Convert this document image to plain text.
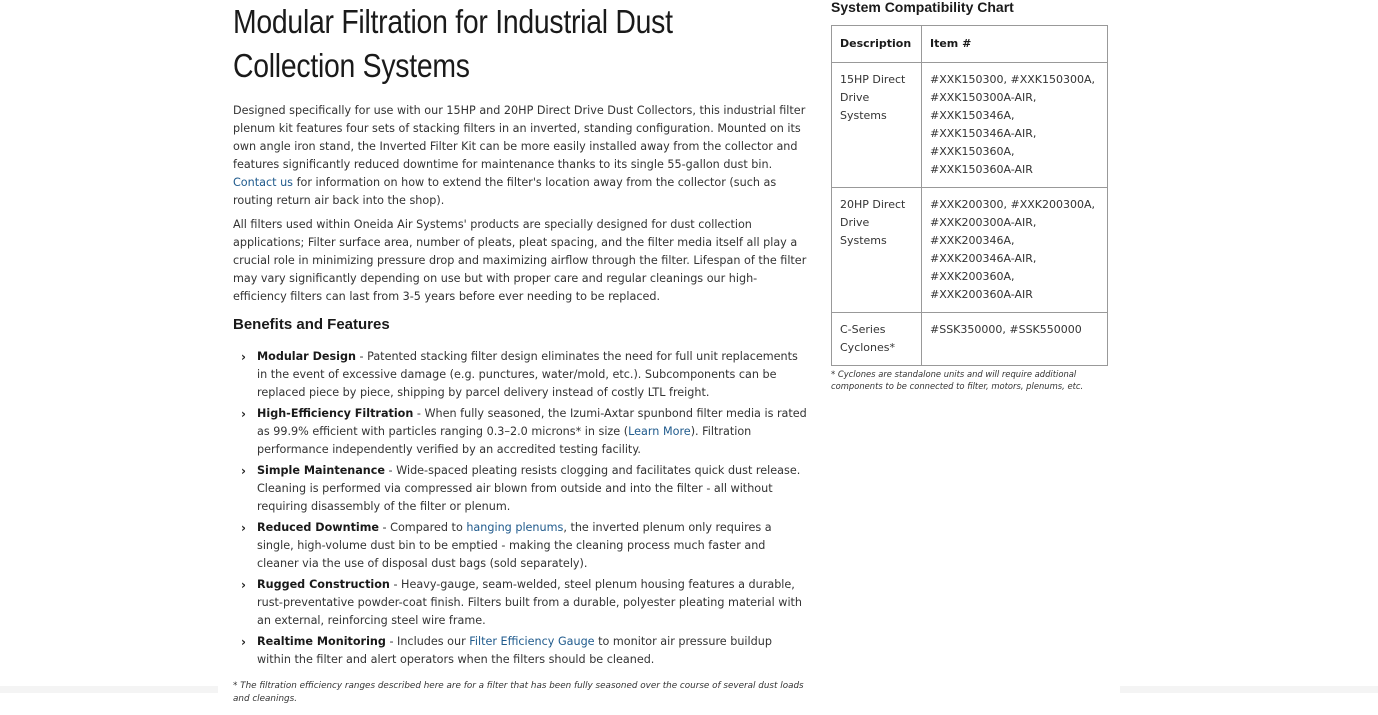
Modular Filtration for Industrial Dust Collection Systems

Designed specifically for use with our 15HP and 20HP Direct Drive Dust Collectors, this industrial filter plenum kit features four sets of stacking filters in an inverted, standing configuration. Mounted on its own angle iron stand, the Inverted Filter Kit can be more easily installed away from the collector and features significantly reduced downtime for maintenance thanks to its single 55-gallon dust bin. Contact us for information on how to extend the filter's location away from the collector (such as routing return air back into the shop).

All filters used within Oneida Air Systems' products are specially designed for dust collection applications; Filter surface area, number of pleats, pleat spacing, and the filter media itself all play a crucial role in minimizing pressure drop and maximizing airflow through the filter. Lifespan of the filter may vary significantly depending on use but with proper care and regular cleanings our high-efficiency filters can last from 3-5 years before ever needing to be replaced.

Benefits and Features
› Modular Design - Patented stacking filter design eliminates the need for full unit replacements in the event of excessive damage (e.g. punctures, water/mold, etc.). Subcomponents can be replaced piece by piece, shipping by parcel delivery instead of costly LTL freight.
› High-Efficiency Filtration - When fully seasoned, the Izumi-Axtar spunbond filter media is rated as 99.9% efficient with particles ranging 0.3–2.0 microns* in size (Learn More). Filtration performance independently verified by an accredited testing facility.
› Simple Maintenance - Wide-spaced pleating resists clogging and facilitates quick dust release. Cleaning is performed via compressed air blown from outside and into the filter - all without requiring disassembly of the filter or plenum.
› Reduced Downtime - Compared to hanging plenums, the inverted plenum only requires a single, high-volume dust bin to be emptied - making the cleaning process much faster and cleaner via the use of disposal dust bags (sold separately).
› Rugged Construction - Heavy-gauge, seam-welded, steel plenum housing features a durable, rust-preventative powder-coat finish. Filters built from a durable, polyester pleating material with an external, reinforcing steel wire frame.
› Realtime Monitoring - Includes our Filter Efficiency Gauge to monitor air pressure buildup within the filter and alert operators when the filters should be cleaned.

* The filtration efficiency ranges described here are for a filter that has been fully seasoned over the course of several dust loads and cleanings.

System Compatibility Chart
Description	Item #
15HP Direct Drive Systems	#XXK150300, #XXK150300A, #XXK150300A-AIR, #XXK150346A, #XXK150346A-AIR, #XXK150360A, #XXK150360A-AIR
20HP Direct Drive Systems	#XXK200300, #XXK200300A, #XXK200300A-AIR, #XXK200346A, #XXK200346A-AIR, #XXK200360A, #XXK200360A-AIR
C-Series Cyclones*	#SSK350000, #SSK550000

* Cyclones are standalone units and will require additional components to be connected to filter, motors, plenums, etc.
